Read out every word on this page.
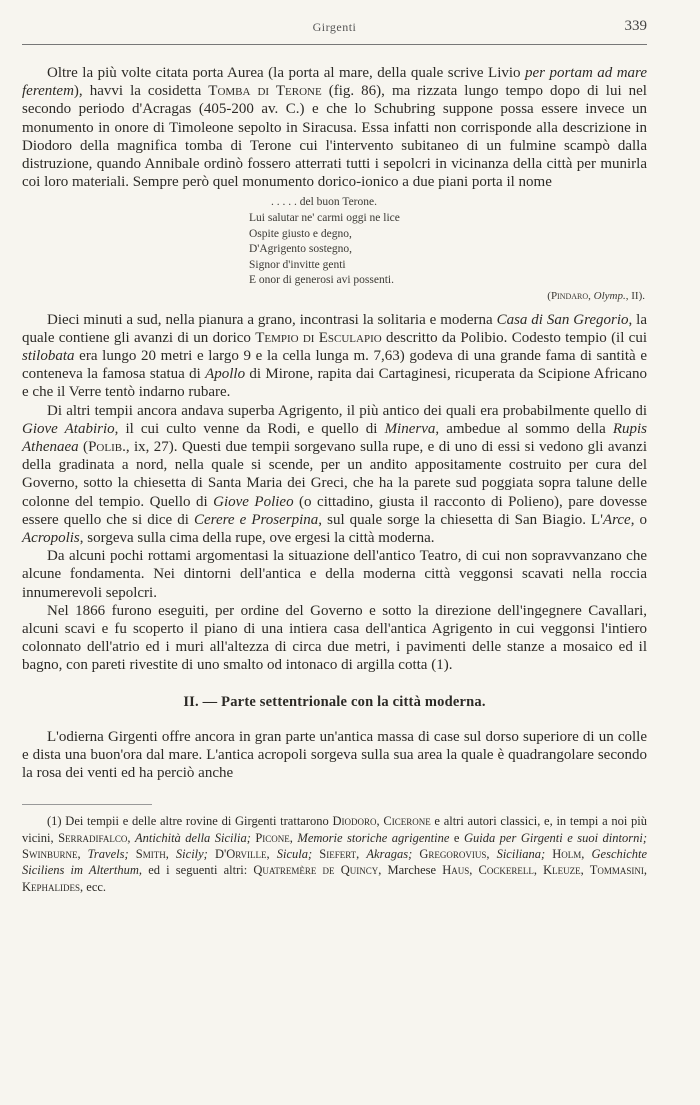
Girgenti	339

Oltre la più volte citata porta Aurea (la porta al mare, della quale scrive Livio per portam ad mare ferentem), havvi la cosidetta Tomba di Terone (fig. 86), ma rizzata lungo tempo dopo di lui nel secondo periodo d'Acragas (405-200 av. C.) e che lo Schubring suppone possa essere invece un monumento in onore di Timoleone sepolto in Siracusa. Essa infatti non corrisponde alla descrizione in Diodoro della magnifica tomba di Terone cui l'intervento subitaneo di un fulmine scampò dalla distruzione, quando Annibale ordinò fossero atterrati tutti i sepolcri in vicinanza della città per munirla coi loro materiali. Sempre però quel monumento dorico-ionico a due piani porta il nome

. . . . . del buon Terone.
Lui salutar ne' carmi oggi ne lice
Ospite giusto e degno,
D'Agrigento sostegno,
Signor d'invitte genti
E onor di generosi avi possenti.
(Pindaro, Olymp., II).

Dieci minuti a sud, nella pianura a grano, incontrasi la solitaria e moderna Casa di San Gregorio, la quale contiene gli avanzi di un dorico Tempio di Esculapio descritto da Polibio. Codesto tempio (il cui stilobata era lungo 20 metri e largo 9 e la cella lunga m. 7,63) godeva di una grande fama di santità e conteneva la famosa statua di Apollo di Mirone, rapita dai Cartaginesi, ricuperata da Scipione Africano e che il Verre tentò indarno rubare.

Di altri tempii ancora andava superba Agrigento, il più antico dei quali era probabilmente quello di Giove Atabirio, il cui culto venne da Rodi, e quello di Minerva, ambedue al sommo della Rupis Athenaea (Polib., ix, 27). Questi due tempii sorgevano sulla rupe, e di uno di essi si vedono gli avanzi della gradinata a nord, nella quale si scende, per un andito appositamente costruito per cura del Governo, sotto la chiesetta di Santa Maria dei Greci, che ha la parete sud poggiata sopra talune delle colonne del tempio. Quello di Giove Polieo (o cittadino, giusta il racconto di Polieno), pare dovesse essere quello che si dice di Cerere e Proserpina, sul quale sorge la chiesetta di San Biagio. L'Arce, o Acropolis, sorgeva sulla cima della rupe, ove ergesi la città moderna.

Da alcuni pochi rottami argomentasi la situazione dell'antico Teatro, di cui non sopravvanzano che alcune fondamenta. Nei dintorni dell'antica e della moderna città veggonsi scavati nella roccia innumerevoli sepolcri.

Nel 1866 furono eseguiti, per ordine del Governo e sotto la direzione dell'ingegnere Cavallari, alcuni scavi e fu scoperto il piano di una intiera casa dell'antica Agrigento in cui veggonsi l'intiero colonnato dell'atrio ed i muri all'altezza di circa due metri, i pavimenti delle stanze a mosaico ed il bagno, con pareti rivestite di uno smalto od intonaco di argilla cotta (1).

II. — Parte settentrionale con la città moderna.

L'odierna Girgenti offre ancora in gran parte un'antica massa di case sul dorso superiore di un colle e dista una buon'ora dal mare. L'antica acropoli sorgeva sulla sua area la quale è quadrangolare secondo la rosa dei venti ed ha perciò anche

(1) Dei tempii e delle altre rovine di Girgenti trattarono Diodoro, Cicerone e altri autori classici, e, in tempi a noi più vicini, Serradifalco, Antichità della Sicilia; Picone, Memorie storiche agrigentine e Guida per Girgenti e suoi dintorni; Swinburne, Travels; Smith, Sicily; D'Orville, Sicula; Siefert, Akragas; Gregorovius, Siciliana; Holm, Geschichte Siciliens im Alterthum, ed i seguenti altri: Quatremère de Quincy, Marchese Haus, Cockerell, Kleuze, Tommasini, Kephalides, ecc.
